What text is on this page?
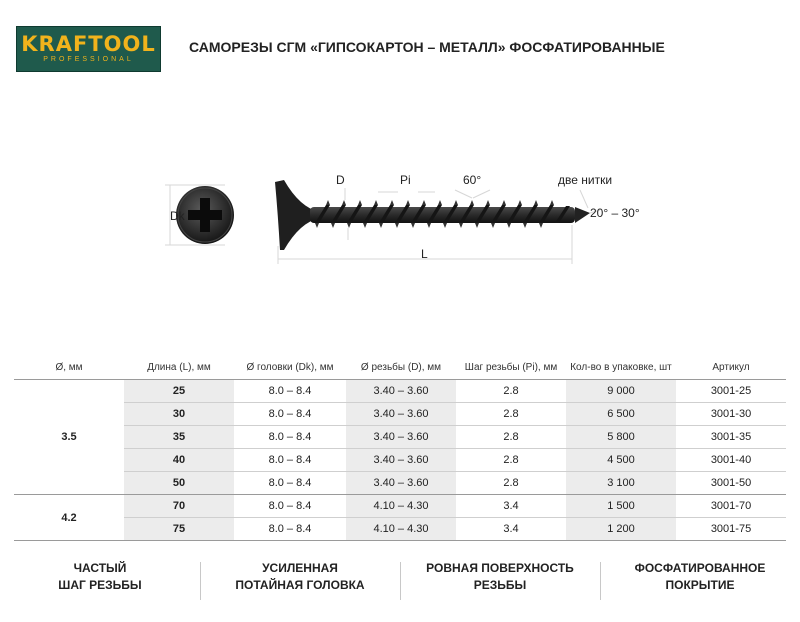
KRAFTOOL
PROFESSIONAL
САМОРЕЗЫ СГМ «ГИПСОКАРТОН – МЕТАЛЛ» ФОСФАТИРОВАННЫЕ
Dk
D	Pi	60°	две нитки
20° – 30°
L
Ø, мм	Длина (L), мм	Ø головки (Dk), мм	Ø резьбы (D), мм	Шаг резьбы (Pi), мм	Кол-во в упаковке, шт	Артикул
3.5	25	8.0 – 8.4	3.40 – 3.60	2.8	9 000	3001-25
	30	8.0 – 8.4	3.40 – 3.60	2.8	6 500	3001-30
	35	8.0 – 8.4	3.40 – 3.60	2.8	5 800	3001-35
	40	8.0 – 8.4	3.40 – 3.60	2.8	4 500	3001-40
	50	8.0 – 8.4	3.40 – 3.60	2.8	3 100	3001-50
4.2	70	8.0 – 8.4	4.10 – 4.30	3.4	1 500	3001-70
	75	8.0 – 8.4	4.10 – 4.30	3.4	1 200	3001-75
ЧАСТЫЙ
ШАГ РЕЗЬБЫ
УСИЛЕННАЯ
ПОТАЙНАЯ ГОЛОВКА
РОВНАЯ ПОВЕРХНОСТЬ
РЕЗЬБЫ
ФОСФАТИРОВАННОЕ
ПОКРЫТИЕ
